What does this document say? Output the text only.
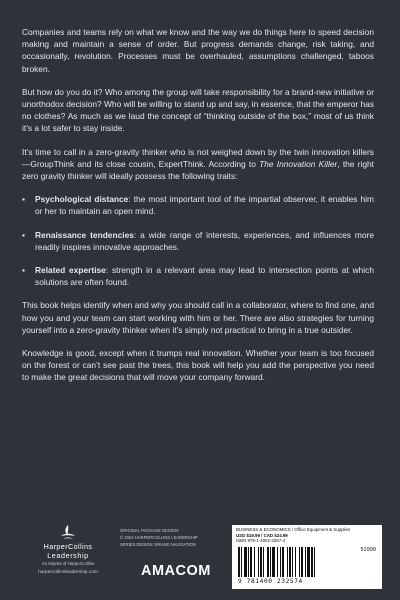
Companies and teams rely on what we know and the way we do things here to speed decision making and maintain a sense of order. But progress demands change, risk taking, and occasionally, revolution. Processes must be overhauled, assumptions challenged, taboos broken.

But how do you do it? Who among the group will take responsibility for a brand-new initiative or unorthodox decision? Who will be willing to stand up and say, in essence, that the emperor has no clothes? As much as we laud the concept of “thinking outside of the box,” most of us think it’s a lot safer to stay inside.

It’s time to call in a zero-gravity thinker who is not weighed down by the twin innovation killers—GroupThink and its close cousin, ExpertThink. According to The Innovation Killer, the right zero gravity thinker will ideally possess the following traits:

▪ Psychological distance: the most important tool of the impartial observer, it enables him or her to maintain an open mind.
▪ Renaissance tendencies: a wide range of interests, experiences, and influences more readily inspires innovative approaches.
▪ Related expertise: strength in a relevant area may lead to intersection points at which solutions are often found.

This book helps identify when and why you should call in a collaborator, where to find one, and how you and your team can start working with him or her. There are also strategies for turning yourself into a zero-gravity thinker when it’s simply not practical to bring in a true outsider.

Knowledge is good, except when it trumps real innovation. Whether your team is too focused on the forest or can’t see past the trees, this book will help you add the perspective you need to make the great decisions that will move your company forward.

HarperCollins
Leadership
An Imprint of HarperCollins
harpercollinsleadership.com
ORIGINAL PACKAGE DESIGN:
© 2022 HARPERCOLLINS LEADERSHIP
SERIES DESIGN: BRAND NAVIGATION
AMACOM
BUSINESS & ECONOMICS / Office Equipment & Supplies
USD $19.99 / CAD $24.99
ISBN 978-1-4002-3257-4
51999
9 781400 232574
